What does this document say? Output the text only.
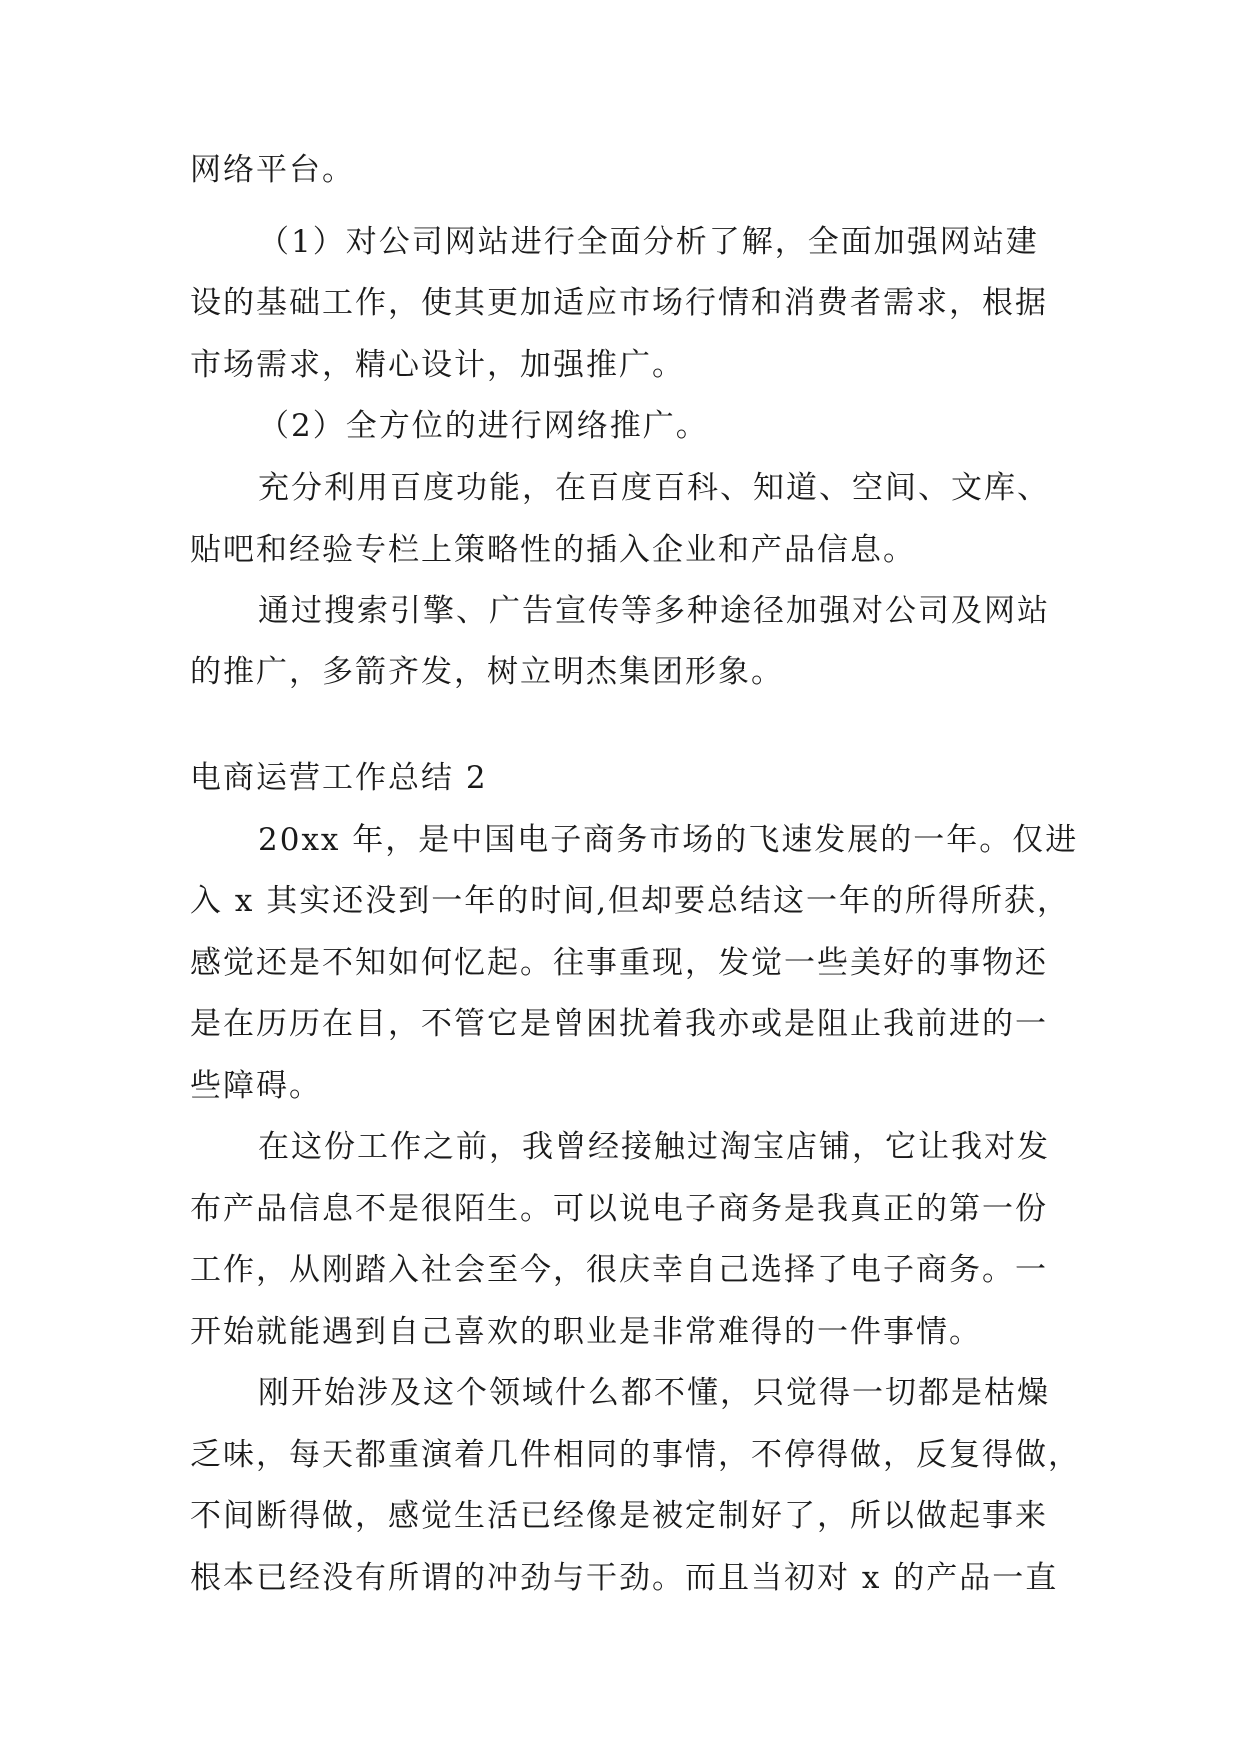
网络平台。
（1）对公司网站进行全面分析了解，全面加强网站建
设的基础工作，使其更加适应市场行情和消费者需求，根据
市场需求，精心设计，加强推广。
（2）全方位的进行网络推广。
充分利用百度功能，在百度百科、知道、空间、文库、
贴吧和经验专栏上策略性的插入企业和产品信息。
通过搜索引擎、广告宣传等多种途径加强对公司及网站
的推广，多箭齐发，树立明杰集团形象。
电商运营工作总结 2
20xx 年，是中国电子商务市场的飞速发展的一年。仅进
入 x 其实还没到一年的时间,但却要总结这一年的所得所获，
感觉还是不知如何忆起。往事重现，发觉一些美好的事物还
是在历历在目，不管它是曾困扰着我亦或是阻止我前进的一
些障碍。
在这份工作之前，我曾经接触过淘宝店铺，它让我对发
布产品信息不是很陌生。可以说电子商务是我真正的第一份
工作，从刚踏入社会至今，很庆幸自己选择了电子商务。一
开始就能遇到自己喜欢的职业是非常难得的一件事情。
刚开始涉及这个领域什么都不懂，只觉得一切都是枯燥
乏味，每天都重演着几件相同的事情，不停得做，反复得做，
不间断得做，感觉生活已经像是被定制好了，所以做起事来
根本已经没有所谓的冲劲与干劲。而且当初对 x 的产品一直
